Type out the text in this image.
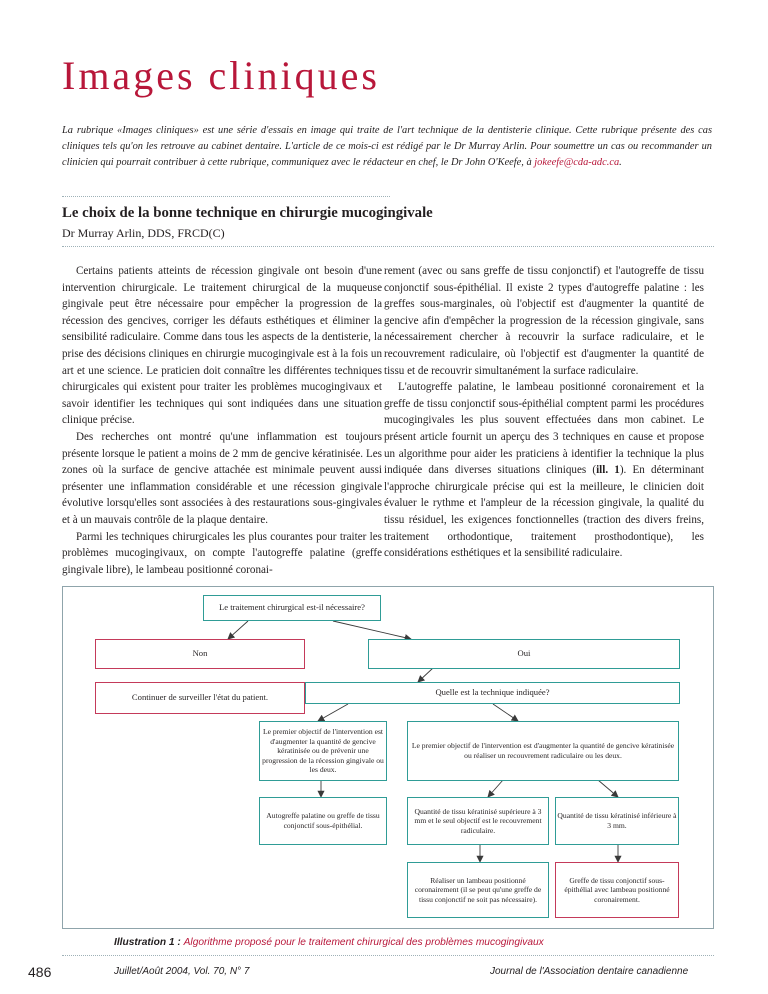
Images cliniques
La rubrique «Images cliniques» est une série d'essais en image qui traite de l'art technique de la dentisterie clinique. Cette rubrique présente des cas cliniques tels qu'on les retrouve au cabinet dentaire. L'article de ce mois-ci est rédigé par le Dr Murray Arlin. Pour soumettre un cas ou recommander un clinicien qui pourrait contribuer à cette rubrique, communiquez avec le rédacteur en chef, le Dr John O'Keefe, à jokeefe@cda-adc.ca.
Le choix de la bonne technique en chirurgie mucogingivale
Dr Murray Arlin, DDS, FRCD(C)

Certains patients atteints de récession gingivale ont besoin d'une intervention chirurgicale. Le traitement chirurgical de la muqueuse gingivale peut être nécessaire pour empêcher la progression de la récession des gencives, corriger les défauts esthétiques et éliminer la sensibilité radiculaire. Comme dans tous les aspects de la dentisterie, la prise des décisions cliniques en chirurgie mucogingivale est à la fois un art et une science. Le praticien doit connaître les différentes techniques chirurgicales qui existent pour traiter les problèmes mucogingivaux et savoir identifier les techniques qui sont indiquées dans une situation clinique précise.

Des recherches ont montré qu'une inflammation est toujours présente lorsque le patient a moins de 2 mm de gencive kératinisée. Les zones où la surface de gencive attachée est minimale peuvent aussi présenter une inflammation considérable et une récession gingivale évolutive lorsqu'elles sont associées à des restaurations sous-gingivales et à un mauvais contrôle de la plaque dentaire.

Parmi les techniques chirurgicales les plus courantes pour traiter les problèmes mucogingivaux, on compte l'autogreffe palatine (greffe gingivale libre), le lambeau positionné coronai-

rement (avec ou sans greffe de tissu conjonctif) et l'autogreffe de tissu conjonctif sous-épithélial. Il existe 2 types d'autogreffe palatine : les greffes sous-marginales, où l'objectif est d'augmenter la quantité de gencive afin d'empêcher la progression de la récession gingivale, sans nécessairement chercher à recouvrir la surface radiculaire, et le recouvrement radiculaire, où l'objectif est d'augmenter la quantité de tissu et de recouvrir simultanément la surface radiculaire.

L'autogreffe palatine, le lambeau positionné coronairement et la greffe de tissu conjonctif sous-épithélial comptent parmi les procédures mucogingivales les plus souvent effectuées dans mon cabinet. Le présent article fournit un aperçu des 3 techniques en cause et propose un algorithme pour aider les praticiens à identifier la technique la plus indiquée dans diverses situations cliniques (ill. 1). En déterminant l'approche chirurgicale précise qui est la meilleure, le clinicien doit évaluer le rythme et l'ampleur de la récession gingivale, la qualité du tissu résiduel, les exigences fonctionnelles (traction des divers freins, traitement orthodontique, traitement prosthodontique), les considérations esthétiques et la sensibilité radiculaire.

Le traitement chirurgical est-il nécessaire?
Non	Oui
Continuer de surveiller l'état du patient.	Quelle est la technique indiquée?
Le premier objectif de l'intervention est d'augmenter la quantité de gencive kératinisée ou de prévenir une progression de la récession gingivale ou les deux.
Le premier objectif de l'intervention est d'augmenter la quantité de gencive kératinisée ou réaliser un recouvrement radiculaire ou les deux.
Autogreffe palatine ou greffe de tissu conjonctif sous-épithélial.
Quantité de tissu kératinisé supérieure à 3 mm et le seul objectif est le recouvrement radiculaire.
Quantité de tissu kératinisé inférieure à 3 mm.
Réaliser un lambeau positionné coronairement (il se peut qu'une greffe de tissu conjonctif ne soit pas nécessaire).
Greffe de tissu conjonctif sous-épithélial avec lambeau positionné coronairement.
Illustration 1 : Algorithme proposé pour le traitement chirurgical des problèmes mucogingivaux
486	Juillet/Août 2004, Vol. 70, N° 7	Journal de l'Association dentaire canadienne
